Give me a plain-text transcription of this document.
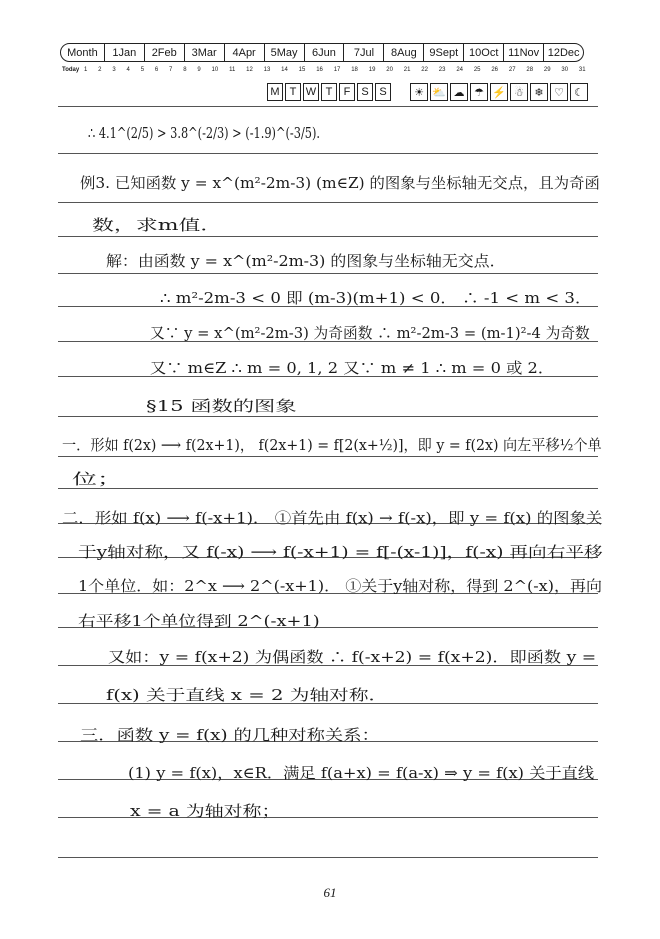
Month	1Jan	2Feb	3Mar	4Apr	5May	6Jun	7Jul	8Aug	9Sept 10Oct 11Nov 12Dec
Today 1 2 3 4 5 6 7 8 9 10 11 12 13 14 15 16 17 18 19 20 21 22 23 24 25 26 27 28 29 30 31
M T W T	F S S	☀ ⛅ ☁ ☂ ⚡ ☃ ❄ ♡ ☾
∴ 4.1^(2/5) > 3.8^(-2/3) > (-1.9)^(-3/5).
例3. 已知函数 y = x^(m²-2m-3) (m∈Z) 的图象与坐标轴无交点，且为奇函
数，求m值．
解：由函数 y = x^(m²-2m-3) 的图象与坐标轴无交点．
∴ m²-2m-3 < 0 即 (m-3)(m+1) < 0． ∴ -1 < m < 3．
又∵ y = x^(m²-2m-3) 为奇函数 ∴ m²-2m-3 = (m-1)²-4 为奇数
又∵ m∈Z ∴ m = 0, 1, 2 又∵ m ≠ 1 ∴ m = 0 或 2．
§15 函数的图象
一．形如 f(2x) ⟶ f(2x+1)， f(2x+1) = f[2(x+½)]，即 y = f(2x) 向左平移½个单
位；
二．形如 f(x) ⟶ f(-x+1)． ①首先由 f(x) → f(-x)，即 y = f(x) 的图象关
于y轴对称，又 f(-x) ⟶ f(-x+1) = f[-(x-1)]，f(-x) 再向右平移
1个单位．如：2^x ⟶ 2^(-x+1)． ①关于y轴对称，得到 2^(-x)，再向
右平移1个单位得到 2^(-x+1)
又如：y = f(x+2) 为偶函数 ∴ f(-x+2) = f(x+2)．即函数 y =
f(x) 关于直线 x = 2 为轴对称．
三．函数 y = f(x) 的几种对称关系：
(1) y = f(x)，x∈R．满足 f(a+x) = f(a-x) ⇒ y = f(x) 关于直线
x = a 为轴对称；
61
